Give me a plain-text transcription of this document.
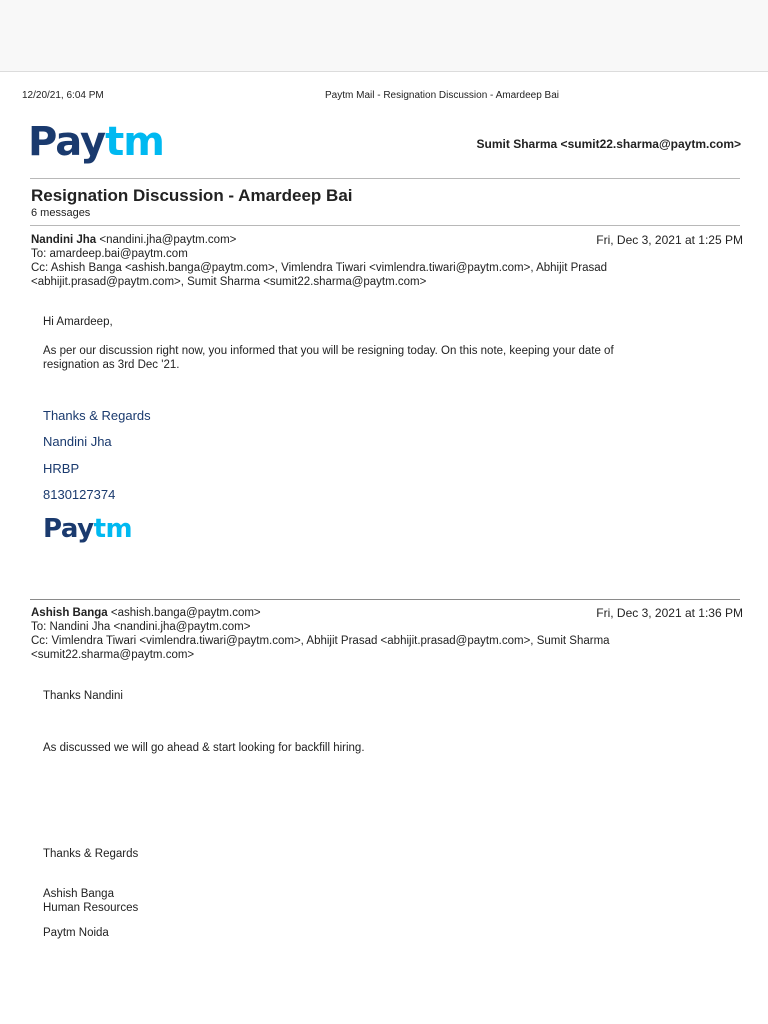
12/20/21, 6:04 PM	Paytm Mail - Resignation Discussion - Amardeep Bai
Paytm	Sumit Sharma <sumit22.sharma@paytm.com>
Resignation Discussion - Amardeep Bai
6 messages
Nandini Jha <nandini.jha@paytm.com>	Fri, Dec 3, 2021 at 1:25 PM
To: amardeep.bai@paytm.com
Cc: Ashish Banga <ashish.banga@paytm.com>, Vimlendra Tiwari <vimlendra.tiwari@paytm.com>, Abhijit Prasad
<abhijit.prasad@paytm.com>, Sumit Sharma <sumit22.sharma@paytm.com>
Hi Amardeep,
As per our discussion right now, you informed that you will be resigning today. On this note, keeping your date of
resignation as 3rd Dec '21.
Thanks & Regards
Nandini Jha
HRBP
8130127374
Paytm
Ashish Banga <ashish.banga@paytm.com>	Fri, Dec 3, 2021 at 1:36 PM
To: Nandini Jha <nandini.jha@paytm.com>
Cc: Vimlendra Tiwari <vimlendra.tiwari@paytm.com>, Abhijit Prasad <abhijit.prasad@paytm.com>, Sumit Sharma
<sumit22.sharma@paytm.com>
Thanks Nandini
As discussed we will go ahead & start looking for backfill hiring.
Thanks & Regards
Ashish Banga
Human Resources
Paytm Noida
